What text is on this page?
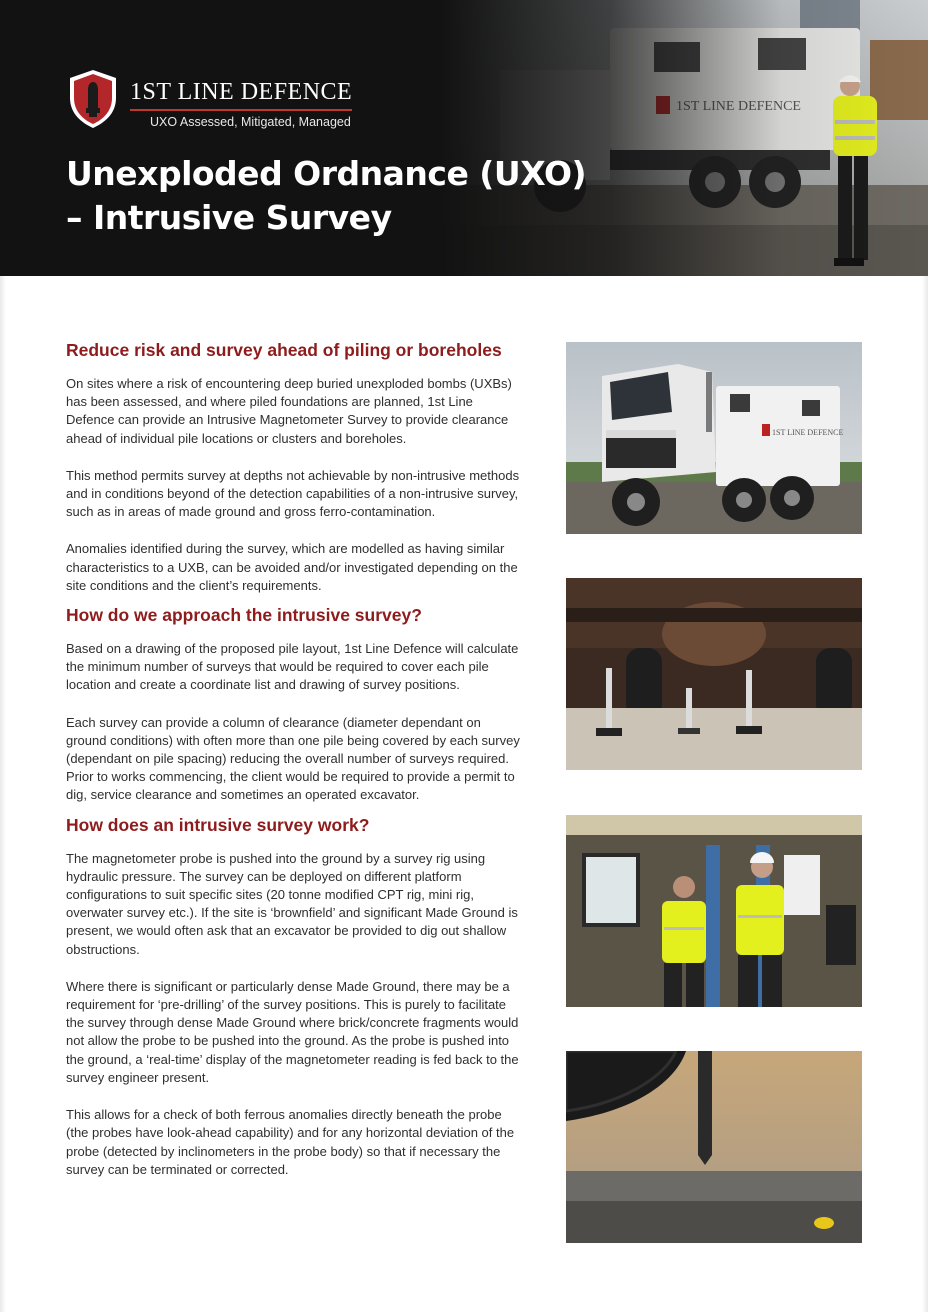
1ST LINE DEFENCE
UXO Assessed, Mitigated, Managed
Unexploded Ordnance (UXO)
– Intrusive Survey
Reduce risk and survey ahead of piling or boreholes

On sites where a risk of encountering deep buried unexploded bombs (UXBs) has been assessed, and where piled foundations are planned, 1st Line Defence can provide an Intrusive Magnetometer Survey to provide clearance ahead of individual pile locations or clusters and boreholes.

This method permits survey at depths not achievable by non-intrusive methods and in conditions beyond of the detection capabilities of a non-intrusive survey, such as in areas of made ground and gross ferro-contamination.

Anomalies identified during the survey, which are modelled as having similar characteristics to a UXB, can be avoided and/or investigated depending on the site conditions and the client’s requirements.

How do we approach the intrusive survey?

Based on a drawing of the proposed pile layout, 1st Line Defence will calculate the minimum number of surveys that would be required to cover each pile location and create a coordinate list and drawing of survey positions.

Each survey can provide a column of clearance (diameter dependant on ground conditions) with often more than one pile being covered by each survey (dependant on pile spacing) reducing the overall number of surveys required. Prior to works commencing, the client would be required to provide a permit to dig, service clearance and sometimes an operated excavator.

How does an intrusive survey work?

The magnetometer probe is pushed into the ground by a survey rig using hydraulic pressure. The survey can be deployed on different platform configurations to suit specific sites (20 tonne modified CPT rig, mini rig, overwater survey etc.). If the site is ‘brownfield’ and significant Made Ground is present, we would often ask that an excavator be provided to dig out shallow obstructions.

Where there is significant or particularly dense Made Ground, there may be a requirement for ‘pre-drilling’ of the survey positions. This is purely to facilitate the survey through dense Made Ground where brick/concrete fragments would not allow the probe to be pushed into the ground. As the probe is pushed into the ground, a ‘real-time’ display of the magnetometer reading is fed back to the survey engineer present.

This allows for a check of both ferrous anomalies directly beneath the probe (the probes have look-ahead capability) and for any horizontal deviation of the probe (detected by inclinometers in the probe body) so that if necessary the survey can be terminated or corrected.

1ST LINE DEFENCE
